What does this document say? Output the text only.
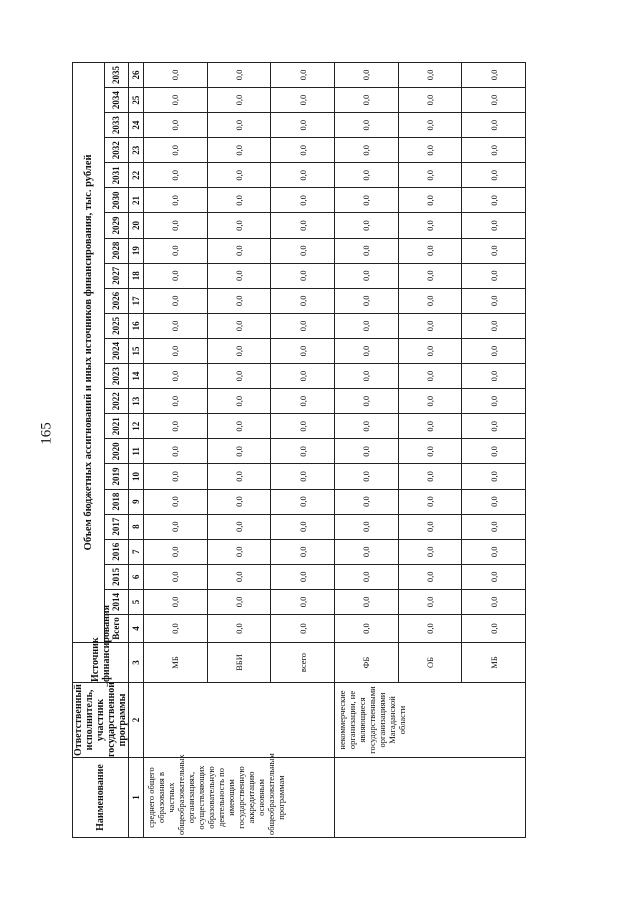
165
Наименование	Ответственный исполнитель, участник государственной программы	Источник финансирования	Объем бюджетных ассигнований и иных источников финансирования, тыс. рублей																						
			Всего	2014	2015	2016	2017	2018	2019	2020	2021	2022	2023	2024	2025	2026	2027	2028	2029	2030	2031	2032	2033	2034	2035
1	2	3	4	5	6	7	8	9	10	11	12	13	14	15	16	17	18	19	20	21	22	23	24	25	26
среднего общего образования в частных общеобразовательных организациях, осуществляющих образовательную деятельность по имеющим государственную аккредитацию основным общеобразовательным программам		МБ	0,0	0,0	0,0	0,0	0,0	0,0	0,0	0,0	0,0	0,0	0,0	0,0	0,0	0,0	0,0	0,0	0,0	0,0	0,0	0,0	0,0	0,0	0,0
		ВБИ	0,0	0,0	0,0	0,0	0,0	0,0	0,0	0,0	0,0	0,0	0,0	0,0	0,0	0,0	0,0	0,0	0,0	0,0	0,0	0,0	0,0	0,0	0,0
		всего	0,0	0,0	0,0	0,0	0,0	0,0	0,0	0,0	0,0	0,0	0,0	0,0	0,0	0,0	0,0	0,0	0,0	0,0	0,0	0,0	0,0	0,0	0,0
	некоммерческие организации, не являющиеся государственными организациями Магаданской области	ФБ	0,0	0,0	0,0	0,0	0,0	0,0	0,0	0,0	0,0	0,0	0,0	0,0	0,0	0,0	0,0	0,0	0,0	0,0	0,0	0,0	0,0	0,0	0,0
		ОБ	0,0	0,0	0,0	0,0	0,0	0,0	0,0	0,0	0,0	0,0	0,0	0,0	0,0	0,0	0,0	0,0	0,0	0,0	0,0	0,0	0,0	0,0	0,0
		МБ	0,0	0,0	0,0	0,0	0,0	0,0	0,0	0,0	0,0	0,0	0,0	0,0	0,0	0,0	0,0	0,0	0,0	0,0	0,0	0,0	0,0	0,0	0,0
